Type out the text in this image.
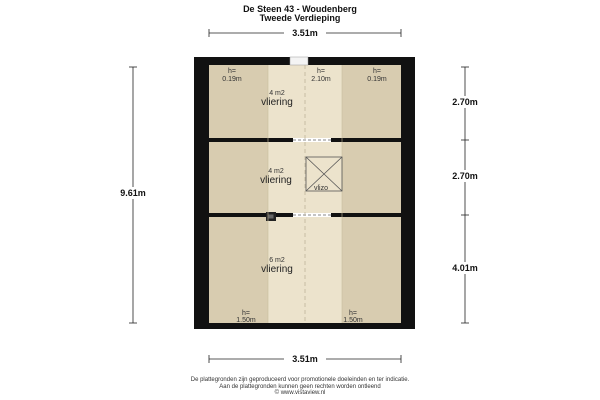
De Steen 43 - Woudenberg
Tweede Verdieping
vlizo
h=
0.19m
h=
2.10m
h=
0.19m
h=
1.50m
h=
1.50m
4 m2
vliering
4 m2
vliering
6 m2
vliering
3.51m
3.51m
9.61m
2.70m
2.70m
4.01m
De plattegronden zijn geproduceerd voor promotionele doeleinden en ter indicatie.
Aan de plattegronden kunnen geen rechten worden ontleend
© www.vistaview.nl
